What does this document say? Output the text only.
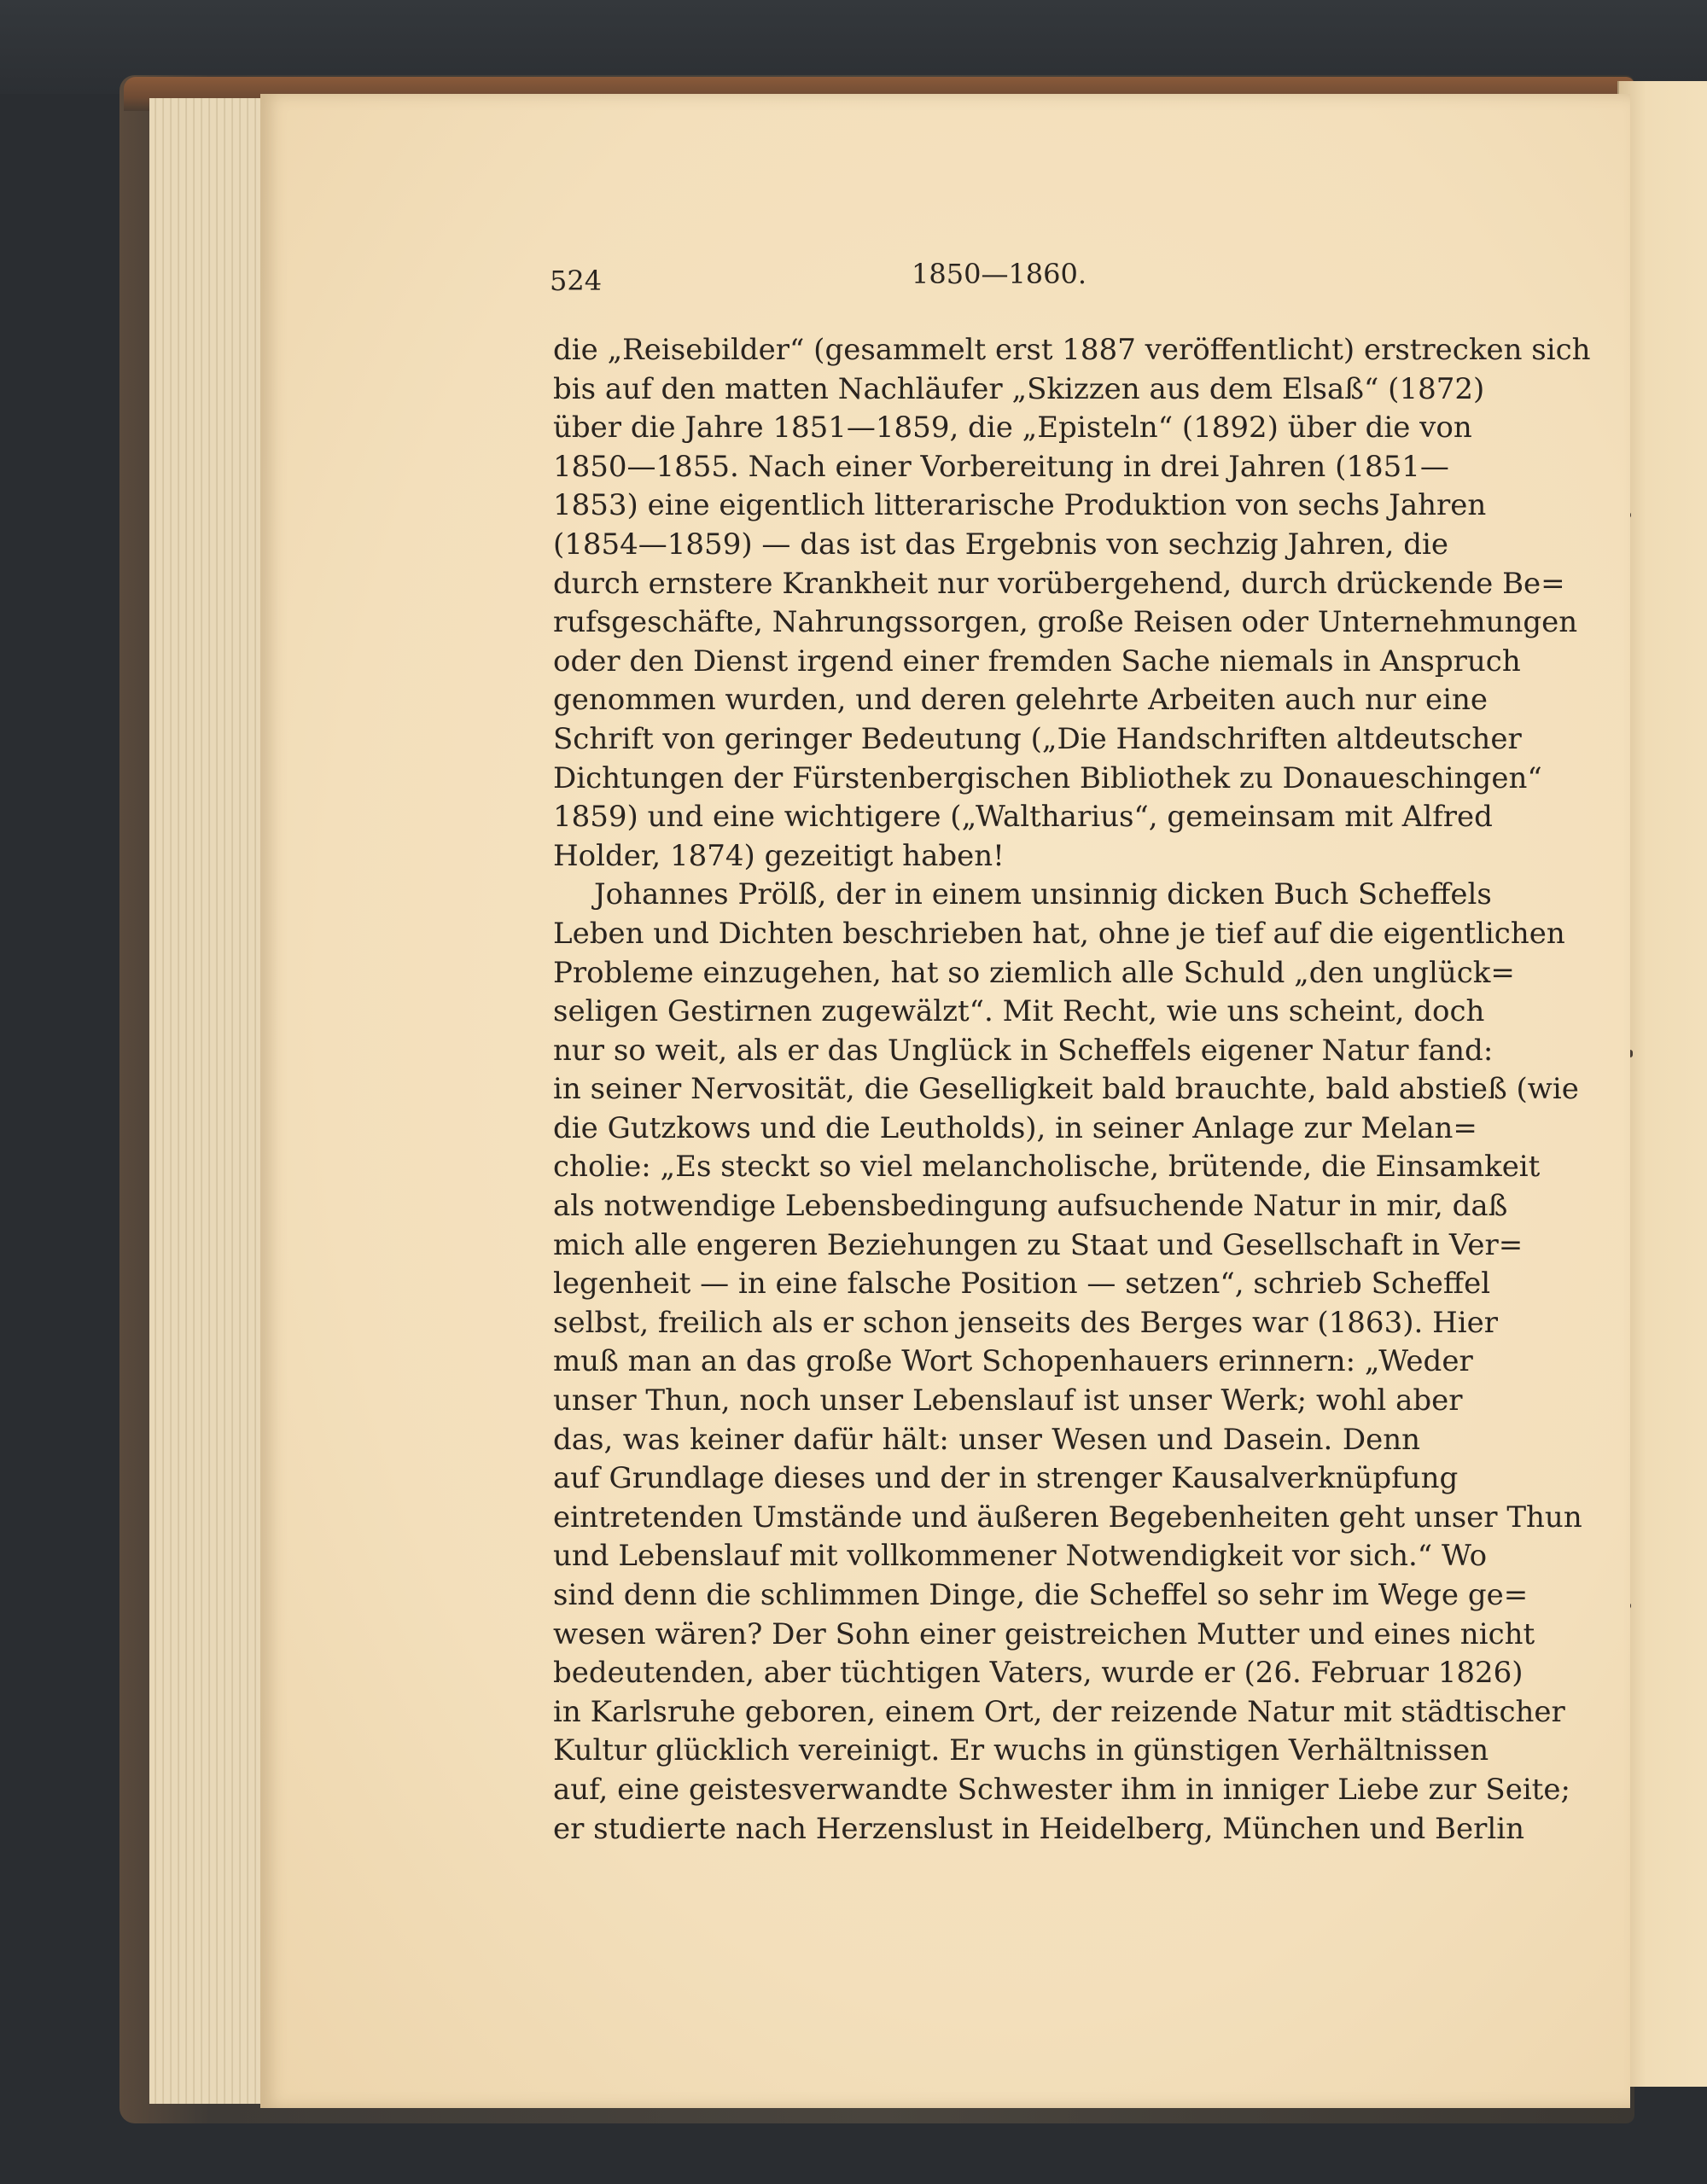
524	1850—1860.
die „Reisebilder“ (gesammelt erst 1887 veröffentlicht) erstrecken sich
bis auf den matten Nachläufer „Skizzen aus dem Elsaß“ (1872)
über die Jahre 1851—1859, die „Episteln“ (1892) über die von
1850—1855. Nach einer Vorbereitung in drei Jahren (1851—
1853) eine eigentlich litterarische Produktion von sechs Jahren
(1854—1859) — das ist das Ergebnis von sechzig Jahren, die
durch ernstere Krankheit nur vorübergehend, durch drückende Be=
rufsgeschäfte, Nahrungssorgen, große Reisen oder Unternehmungen
oder den Dienst irgend einer fremden Sache niemals in Anspruch
genommen wurden, und deren gelehrte Arbeiten auch nur eine
Schrift von geringer Bedeutung („Die Handschriften altdeutscher
Dichtungen der Fürstenbergischen Bibliothek zu Donaueschingen“
1859) und eine wichtigere („Waltharius“, gemeinsam mit Alfred
Holder, 1874) gezeitigt haben!
Johannes Prölß, der in einem unsinnig dicken Buch Scheffels
Leben und Dichten beschrieben hat, ohne je tief auf die eigentlichen
Probleme einzugehen, hat so ziemlich alle Schuld „den unglück=
seligen Gestirnen zugewälzt“. Mit Recht, wie uns scheint, doch
nur so weit, als er das Unglück in Scheffels eigener Natur fand:
in seiner Nervosität, die Geselligkeit bald brauchte, bald abstieß (wie
die Gutzkows und die Leutholds), in seiner Anlage zur Melan=
cholie: „Es steckt so viel melancholische, brütende, die Einsamkeit
als notwendige Lebensbedingung aufsuchende Natur in mir, daß
mich alle engeren Beziehungen zu Staat und Gesellschaft in Ver=
legenheit — in eine falsche Position — setzen“, schrieb Scheffel
selbst, freilich als er schon jenseits des Berges war (1863). Hier
muß man an das große Wort Schopenhauers erinnern: „Weder
unser Thun, noch unser Lebenslauf ist unser Werk; wohl aber
das, was keiner dafür hält: unser Wesen und Dasein. Denn
auf Grundlage dieses und der in strenger Kausalverknüpfung
eintretenden Umstände und äußeren Begebenheiten geht unser Thun
und Lebenslauf mit vollkommener Notwendigkeit vor sich.“ Wo
sind denn die schlimmen Dinge, die Scheffel so sehr im Wege ge=
wesen wären? Der Sohn einer geistreichen Mutter und eines nicht
bedeutenden, aber tüchtigen Vaters, wurde er (26. Februar 1826)
in Karlsruhe geboren, einem Ort, der reizende Natur mit städtischer
Kultur glücklich vereinigt. Er wuchs in günstigen Verhältnissen
auf, eine geistesverwandte Schwester ihm in inniger Liebe zur Seite;
er studierte nach Herzenslust in Heidelberg, München und Berlin
